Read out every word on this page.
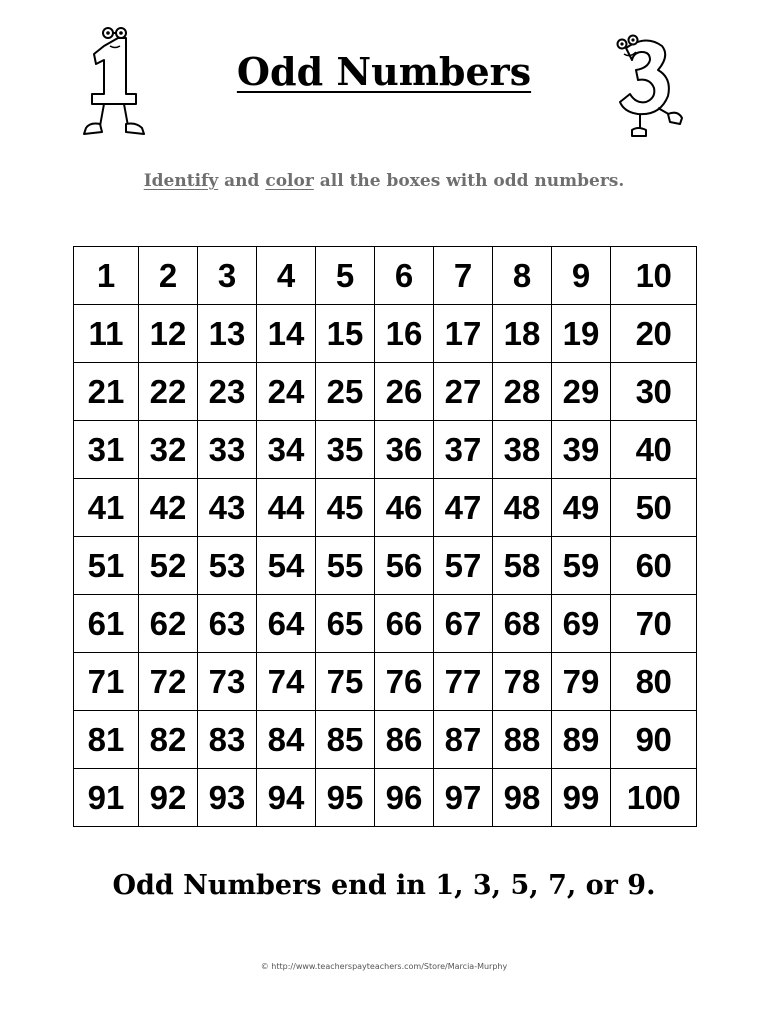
Odd Numbers
Identify and color all the boxes with odd numbers.
1	2	3	4	5	6	7	8	9	10
11	12	13	14	15	16	17	18	19	20
21	22	23	24	25	26	27	28	29	30
31	32	33	34	35	36	37	38	39	40
41	42	43	44	45	46	47	48	49	50
51	52	53	54	55	56	57	58	59	60
61	62	63	64	65	66	67	68	69	70
71	72	73	74	75	76	77	78	79	80
81	82	83	84	85	86	87	88	89	90
91	92	93	94	95	96	97	98	99	100
Odd Numbers end in 1, 3, 5, 7, or 9.
© http://www.teacherspayteachers.com/Store/Marcia-Murphy
